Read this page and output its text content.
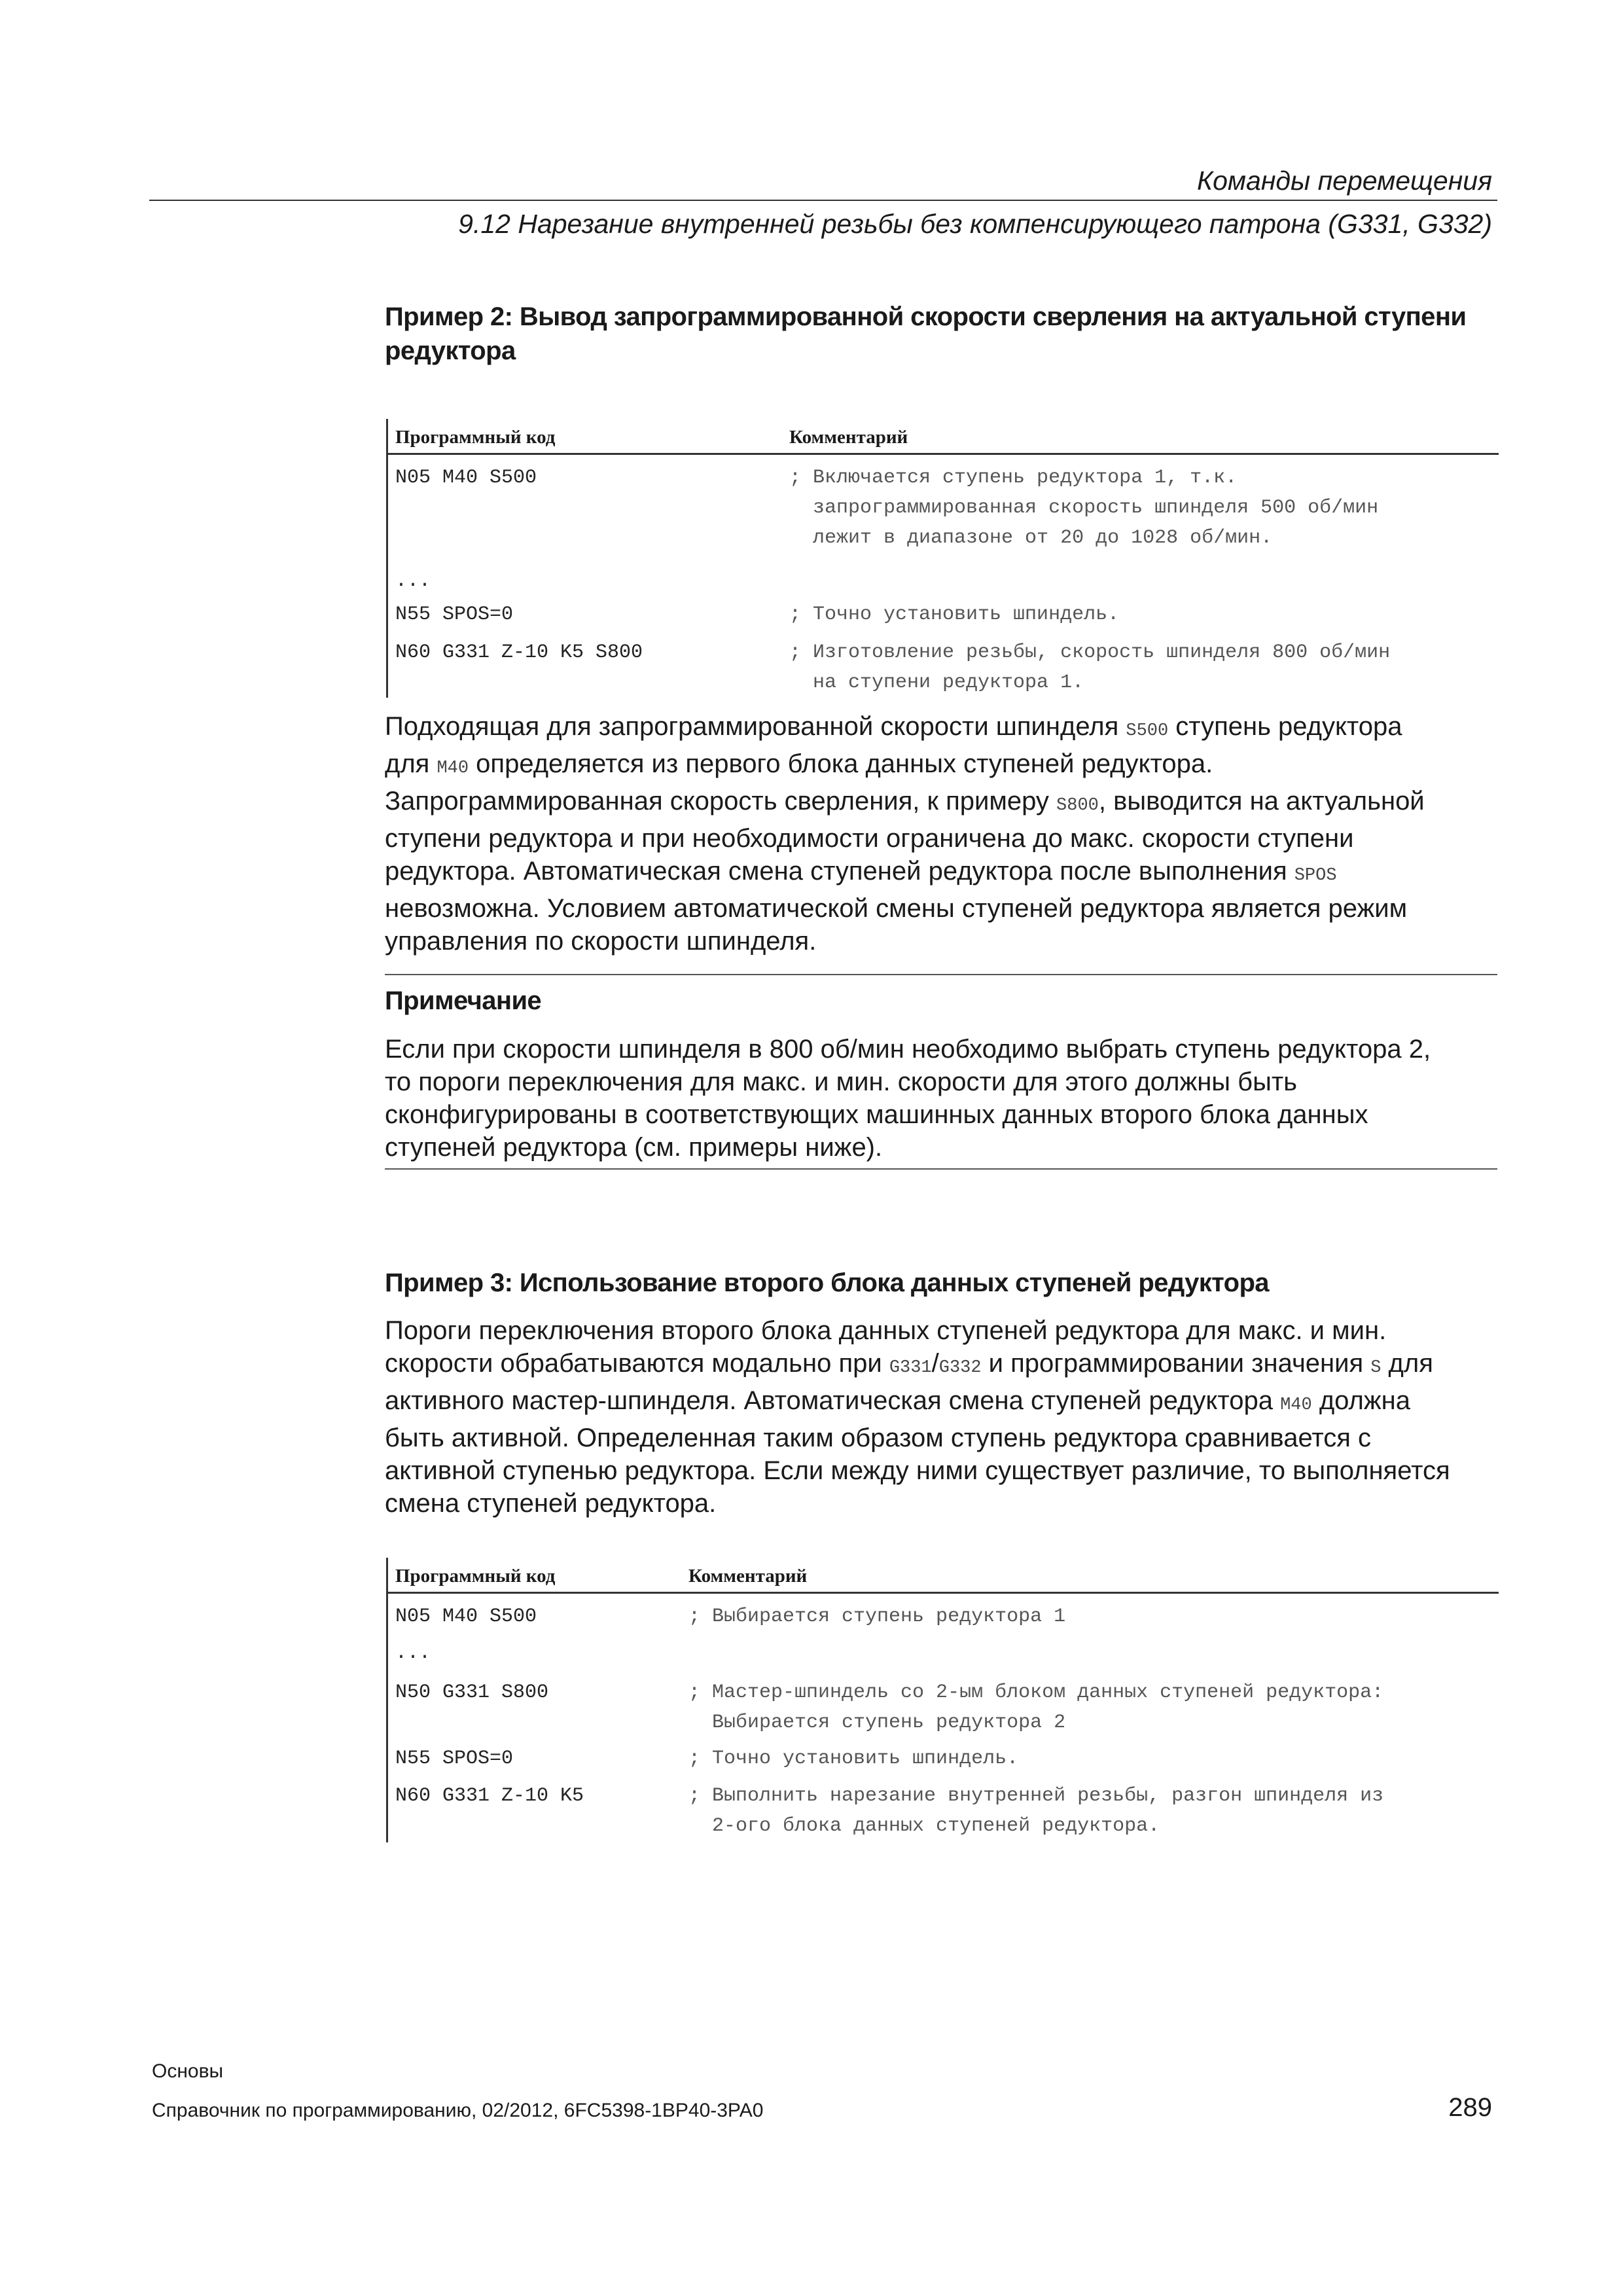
Команды перемещения
9.12 Нарезание внутренней резьбы без компенсирующего патрона (G331, G332)
Пример 2: Вывод запрограммированной скорости сверления на актуальной ступени
редуктора
Программный код	Комментарий
N05 M40 S500	; Включается ступень редуктора 1, т.к.
запрограммированная скорость шпинделя 500 об/мин
лежит в диапазоне от 20 до 1028 об/мин.
...
N55 SPOS=0	; Точно установить шпиндель.
N60 G331 Z-10 K5 S800	; Изготовление резьбы, скорость шпинделя 800 об/мин
на ступени редуктора 1.

Подходящая для запрограммированной скорости шпинделя S500 ступень редуктора
для M40 определяется из первого блока данных ступеней редуктора.
Запрограммированная скорость сверления, к примеру S800, выводится на актуальной
ступени редуктора и при необходимости ограничена до макс. скорости ступени
редуктора. Автоматическая смена ступеней редуктора после выполнения SPOS
невозможна. Условием автоматической смены ступеней редуктора является режим
управления по скорости шпинделя.

Примечание

Если при скорости шпинделя в 800 об/мин необходимо выбрать ступень редуктора 2,
то пороги переключения для макс. и мин. скорости для этого должны быть
сконфигурированы в соответствующих машинных данных второго блока данных
ступеней редуктора (см. примеры ниже).

Пример 3: Использование второго блока данных ступеней редуктора

Пороги переключения второго блока данных ступеней редуктора для макс. и мин.
скорости обрабатываются модально при G331/G332 и программировании значения S для
активного мастер-шпинделя. Автоматическая смена ступеней редуктора M40 должна
быть активной. Определенная таким образом ступень редуктора сравнивается с
активной ступенью редуктора. Если между ними существует различие, то выполняется
смена ступеней редуктора.

Программный код	Комментарий
N05 M40 S500	; Выбирается ступень редуктора 1
...
N50 G331 S800	; Мастер-шпиндель со 2-ым блоком данных ступеней редуктора:
Выбирается ступень редуктора 2
N55 SPOS=0	; Точно установить шпиндель.
N60 G331 Z-10 K5	; Выполнить нарезание внутренней резьбы, разгон шпинделя из
2-ого блока данных ступеней редуктора.
Основы
Справочник по программированию, 02/2012, 6FC5398-1BP40-3PA0	289
